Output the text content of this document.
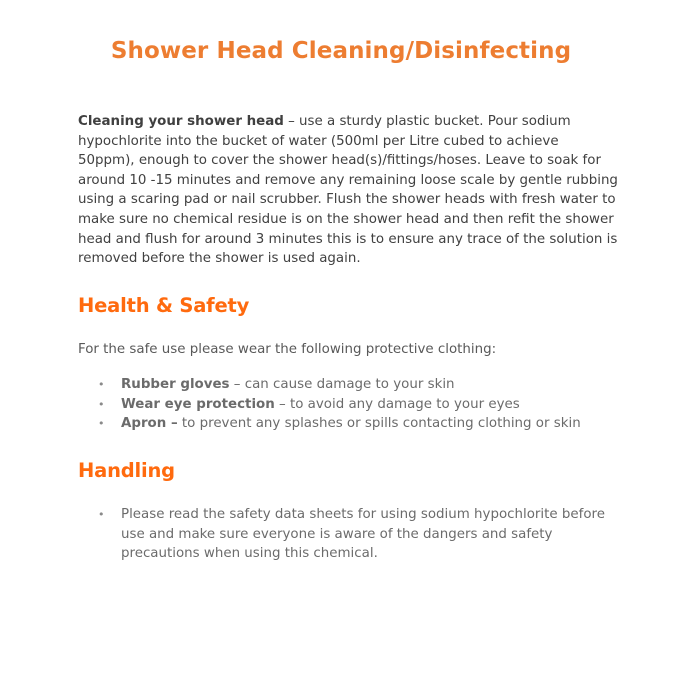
Shower Head Cleaning/Disinfecting

Cleaning your shower head – use a sturdy plastic bucket. Pour sodium hypochlorite into the bucket of water (500ml per Litre cubed to achieve 50ppm), enough to cover the shower head(s)/fittings/hoses. Leave to soak for around 10 -15 minutes and remove any remaining loose scale by gentle rubbing using a scaring pad or nail scrubber. Flush the shower heads with fresh water to make sure no chemical residue is on the shower head and then refit the shower head and flush for around 3 minutes this is to ensure any trace of the solution is removed before the shower is used again.

Health & Safety

For the safe use please wear the following protective clothing:

• Rubber gloves – can cause damage to your skin
• Wear eye protection – to avoid any damage to your eyes
• Apron – to prevent any splashes or spills contacting clothing or skin
Handling
• Please read the safety data sheets for using sodium hypochlorite before use and make sure everyone is aware of the dangers and safety precautions when using this chemical.
